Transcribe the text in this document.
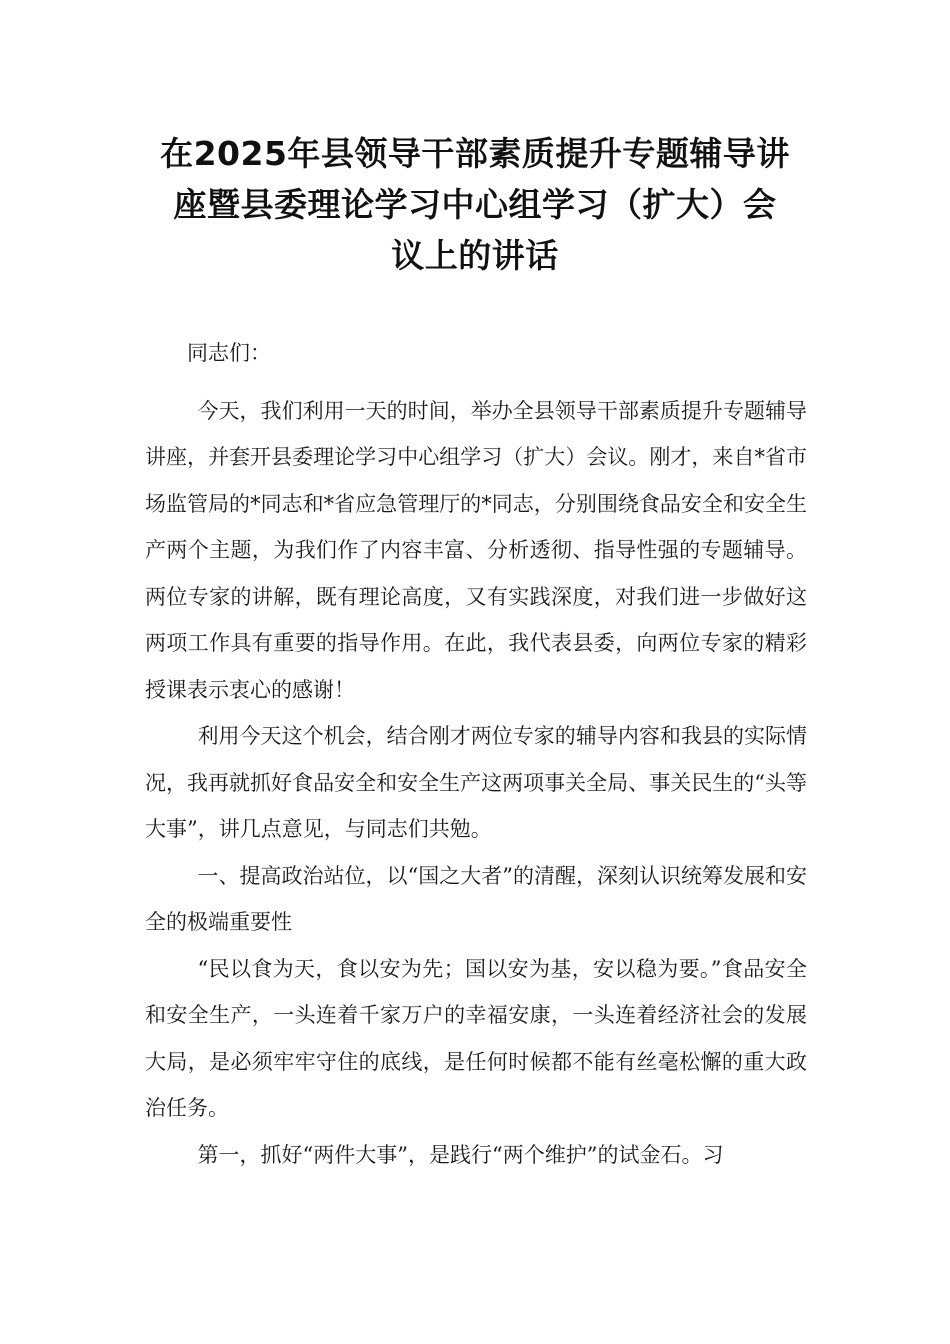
在2025年县领导干部素质提升专题辅导讲
座暨县委理论学习中心组学习（扩大）会
议上的讲话

同志们：

今天，我们利用一天的时间，举办全县领导干部素质提升专题辅导讲座，并套开县委理论学习中心组学习（扩大）会议。刚才，来自*省市场监管局的*同志和*省应急管理厅的*同志，分别围绕食品安全和安全生产两个主题，为我们作了内容丰富、分析透彻、指导性强的专题辅导。两位专家的讲解，既有理论高度，又有实践深度，对我们进一步做好这两项工作具有重要的指导作用。在此，我代表县委，向两位专家的精彩授课表示衷心的感谢！

利用今天这个机会，结合刚才两位专家的辅导内容和我县的实际情况，我再就抓好食品安全和安全生产这两项事关全局、事关民生的“头等大事”，讲几点意见，与同志们共勉。

一、提高政治站位，以“国之大者”的清醒，深刻认识统筹发展和安全的极端重要性

“民以食为天，食以安为先；国以安为基，安以稳为要。”食品安全和安全生产，一头连着千家万户的幸福安康，一头连着经济社会的发展大局，是必须牢牢守住的底线，是任何时候都不能有丝毫松懈的重大政治任务。

第一，抓好“两件大事”，是践行“两个维护”的试金石。习
